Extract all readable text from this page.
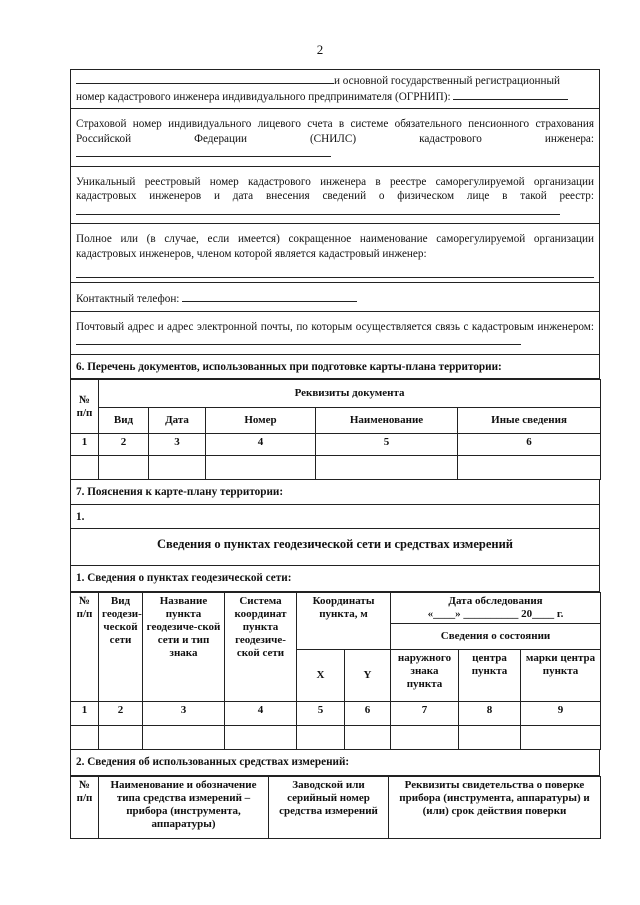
2
и основной государственный регистрационный
номер кадастрового инженера индивидуального предпринимателя (ОГРНИП):
Страховой номер индивидуального лицевого счета в системе обязательного пенсионного страхования Российской Федерации (СНИЛС) кадастрового инженера:
Уникальный реестровый номер кадастрового инженера в реестре саморегулируемой организации кадастровых инженеров и дата внесения сведений о физическом лице в такой реестр:
Полное или (в случае, если имеется) сокращенное наименование саморегулируемой организации кадастровых инженеров, членом которой является кадастровый инженер:
Контактный телефон:
Почтовый адрес и адрес электронной почты, по которым осуществляется связь с кадастровым инженером:
6. Перечень документов, использованных при подготовке карты-плана территории:
№ п/п	Реквизиты документа				
	Вид	Дата	Номер	Наименование	Иные сведения
1	2	3	4	5	6

7. Пояснения к карте-плану территории:
1.
Сведения о пунктах геодезической сети и средствах измерений
1. Сведения о пунктах геодезической сети:
№ п/п	Вид геодези-ческой сети	Название пункта геодезиче-ской сети и тип знака	Система координат пункта геодезиче-ской сети	Координаты пункта, м		Дата обследования
«____» __________ 20____ г.		
						Сведения о состоянии		
				X	Y	наружного знака пункта	центра пункта	марки центра пункта
1	2	3	4	5	6	7	8	9

2. Сведения об использованных средствах измерений:
№ п/п	Наименование и обозначение типа средства измерений – прибора (инструмента, аппаратуры)	Заводской или серийный номер средства измерений	Реквизиты свидетельства о поверке прибора (инструмента, аппаратуры) и (или) срок действия поверки
